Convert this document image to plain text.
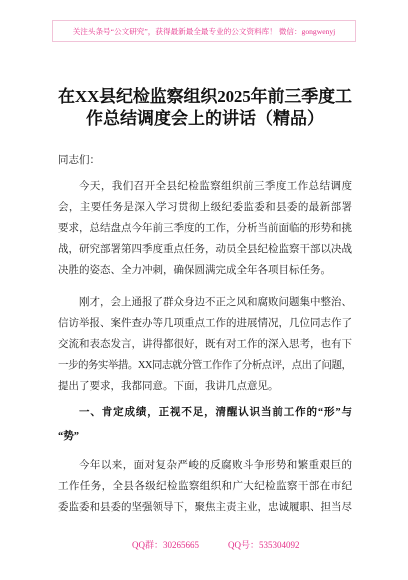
关注头条号“公文研究”，获得最新最全最专业的公文资料库！ 微信：gongwenyj
在XX县纪检监察组织2025年前三季度工
作总结调度会上的讲话（精品）
同志们：
今天，我们召开全县纪检监察组织前三季度工作总结调度
会，主要任务是深入学习贯彻上级纪委监委和县委的最新部署
要求，总结盘点今年前三季度的工作，分析当前面临的形势和挑
战，研究部署第四季度重点任务，动员全县纪检监察干部以决战
决胜的姿态、全力冲刺，确保圆满完成全年各项目标任务。
刚才，会上通报了群众身边不正之风和腐败问题集中整治、
信访举报、案件查办等几项重点工作的进展情况，几位同志作了
交流和表态发言，讲得都很好，既有对工作的深入思考，也有下
一步的务实举措。XX同志就分管工作作了分析点评，点出了问题，
提出了要求，我都同意。下面，我讲几点意见。
一、肯定成绩，正视不足，清醒认识当前工作的“形”与
“势”
今年以来，面对复杂严峻的反腐败斗争形势和繁重艰巨的
工作任务，全县各级纪检监察组织和广大纪检监察干部在市纪
委监委和县委的坚强领导下，聚焦主责主业，忠诚履职、担当尽
QQ群：30265665	QQ号：535304092
